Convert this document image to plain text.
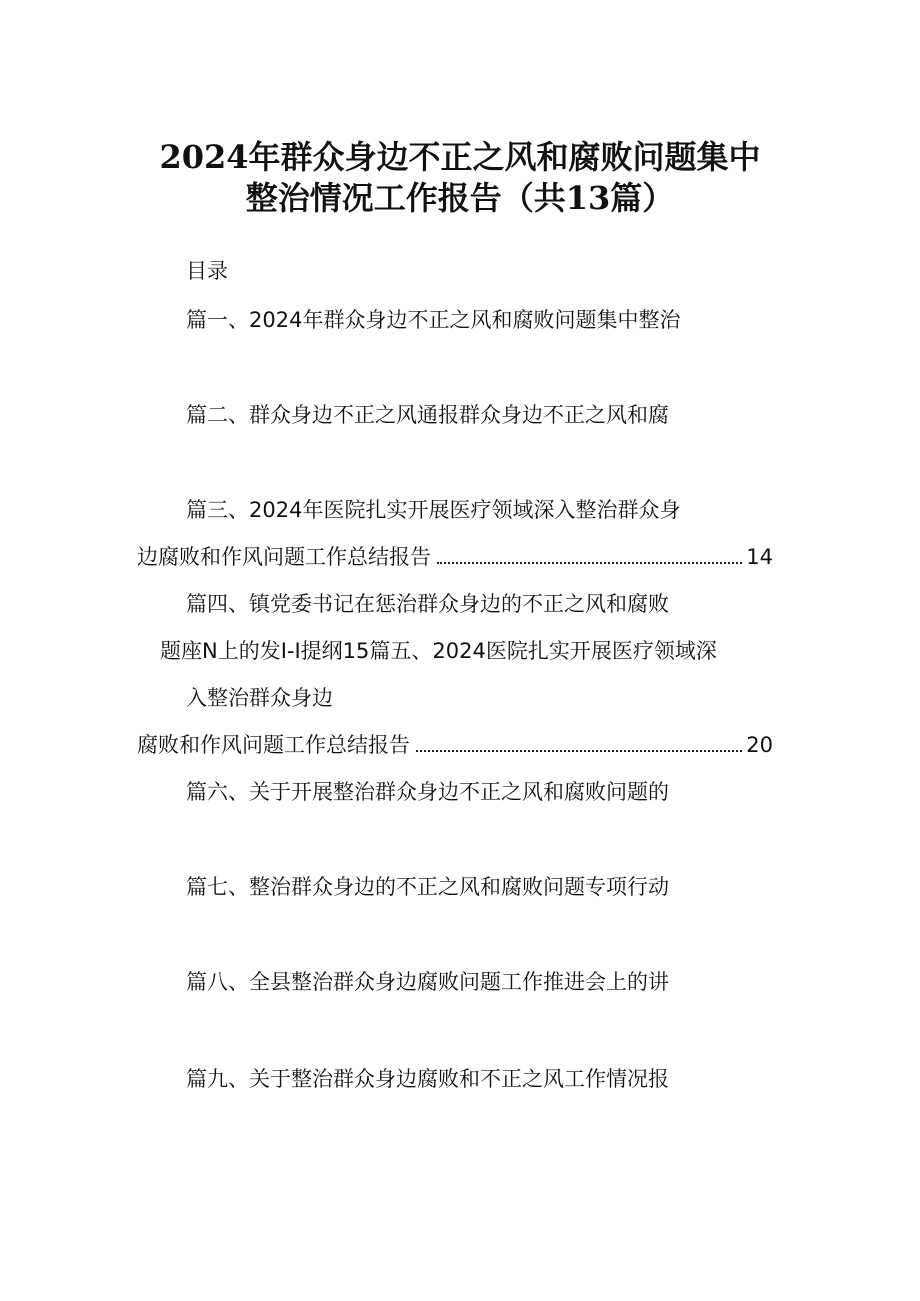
2024年群众身边不正之风和腐败问题集中
整治情况工作报告（共13篇）
目录
篇一、2024年群众身边不正之风和腐败问题集中整治
篇二、群众身边不正之风通报群众身边不正之风和腐
篇三、2024年医院扎实开展医疗领域深入整治群众身
边腐败和作风问题工作总结报告	14
篇四、镇党委书记在惩治群众身边的不正之风和腐败
题座N上的发I-I提纲15篇五、2024医院扎实开展医疗领域深
入整治群众身边
腐败和作风问题工作总结报告	20
篇六、关于开展整治群众身边不正之风和腐败问题的
篇七、整治群众身边的不正之风和腐败问题专项行动
篇八、全县整治群众身边腐败问题工作推进会上的讲
篇九、关于整治群众身边腐败和不正之风工作情况报
